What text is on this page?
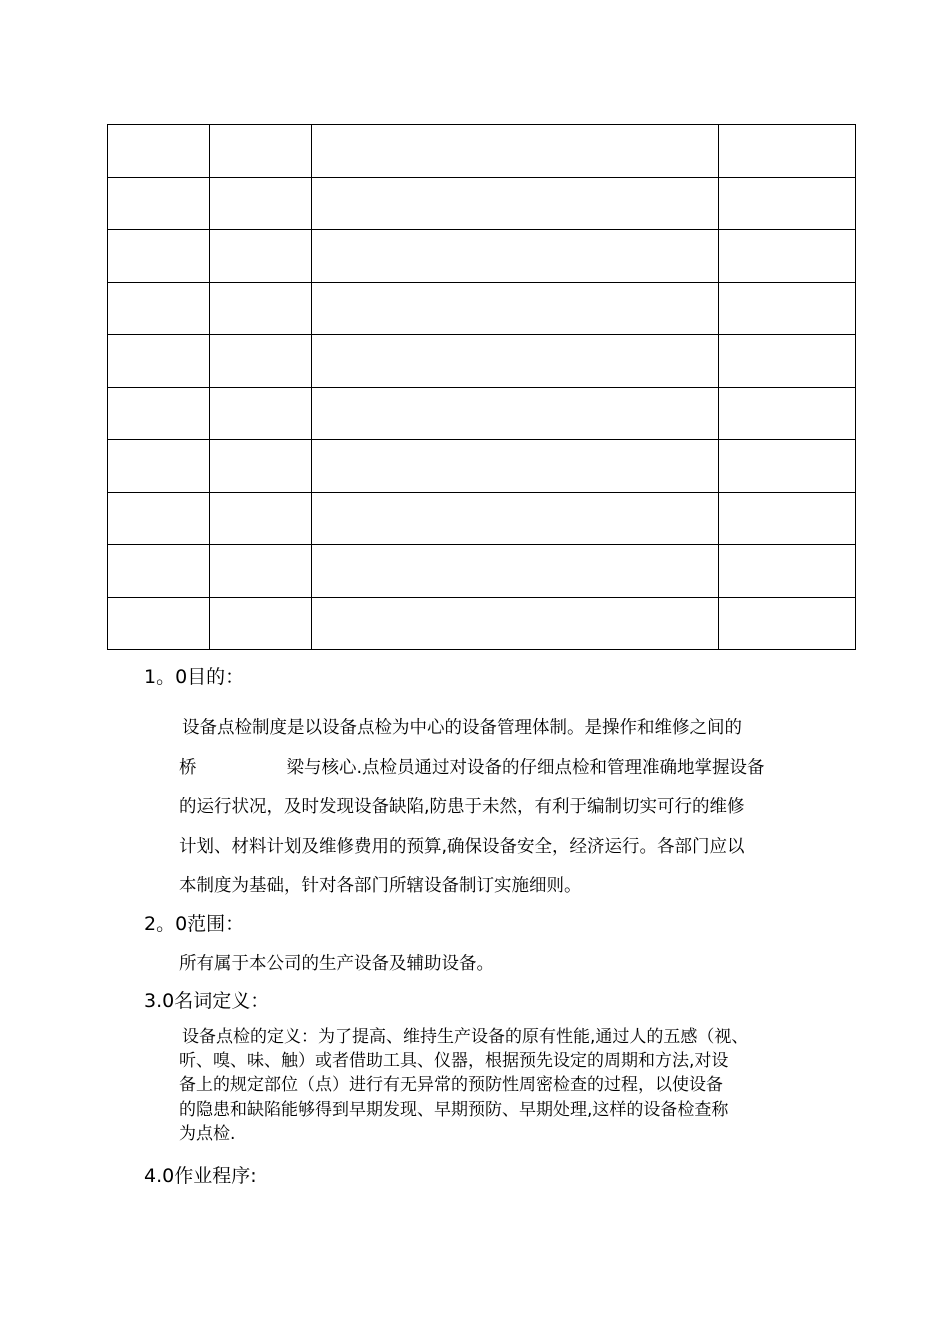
1。0目的：
设备点检制度是以设备点检为中心的设备管理体制。是操作和维修之间的
桥	梁与核心.点检员通过对设备的仔细点检和管理准确地掌握设备
的运行状况，及时发现设备缺陷,防患于未然，有利于编制切实可行的维修
计划、材料计划及维修费用的预算,确保设备安全，经济运行。各部门应以
本制度为基础，针对各部门所辖设备制订实施细则。
2。0范围：
所有属于本公司的生产设备及辅助设备。
3.0名词定义：
设备点检的定义：为了提高、维持生产设备的原有性能,通过人的五感（视、
听、嗅、味、触）或者借助工具、仪器，根据预先设定的周期和方法,对设
备上的规定部位（点）进行有无异常的预防性周密检查的过程，以使设备
的隐患和缺陷能够得到早期发现、早期预防、早期处理,这样的设备检查称
为点检.
4.0作业程序:
